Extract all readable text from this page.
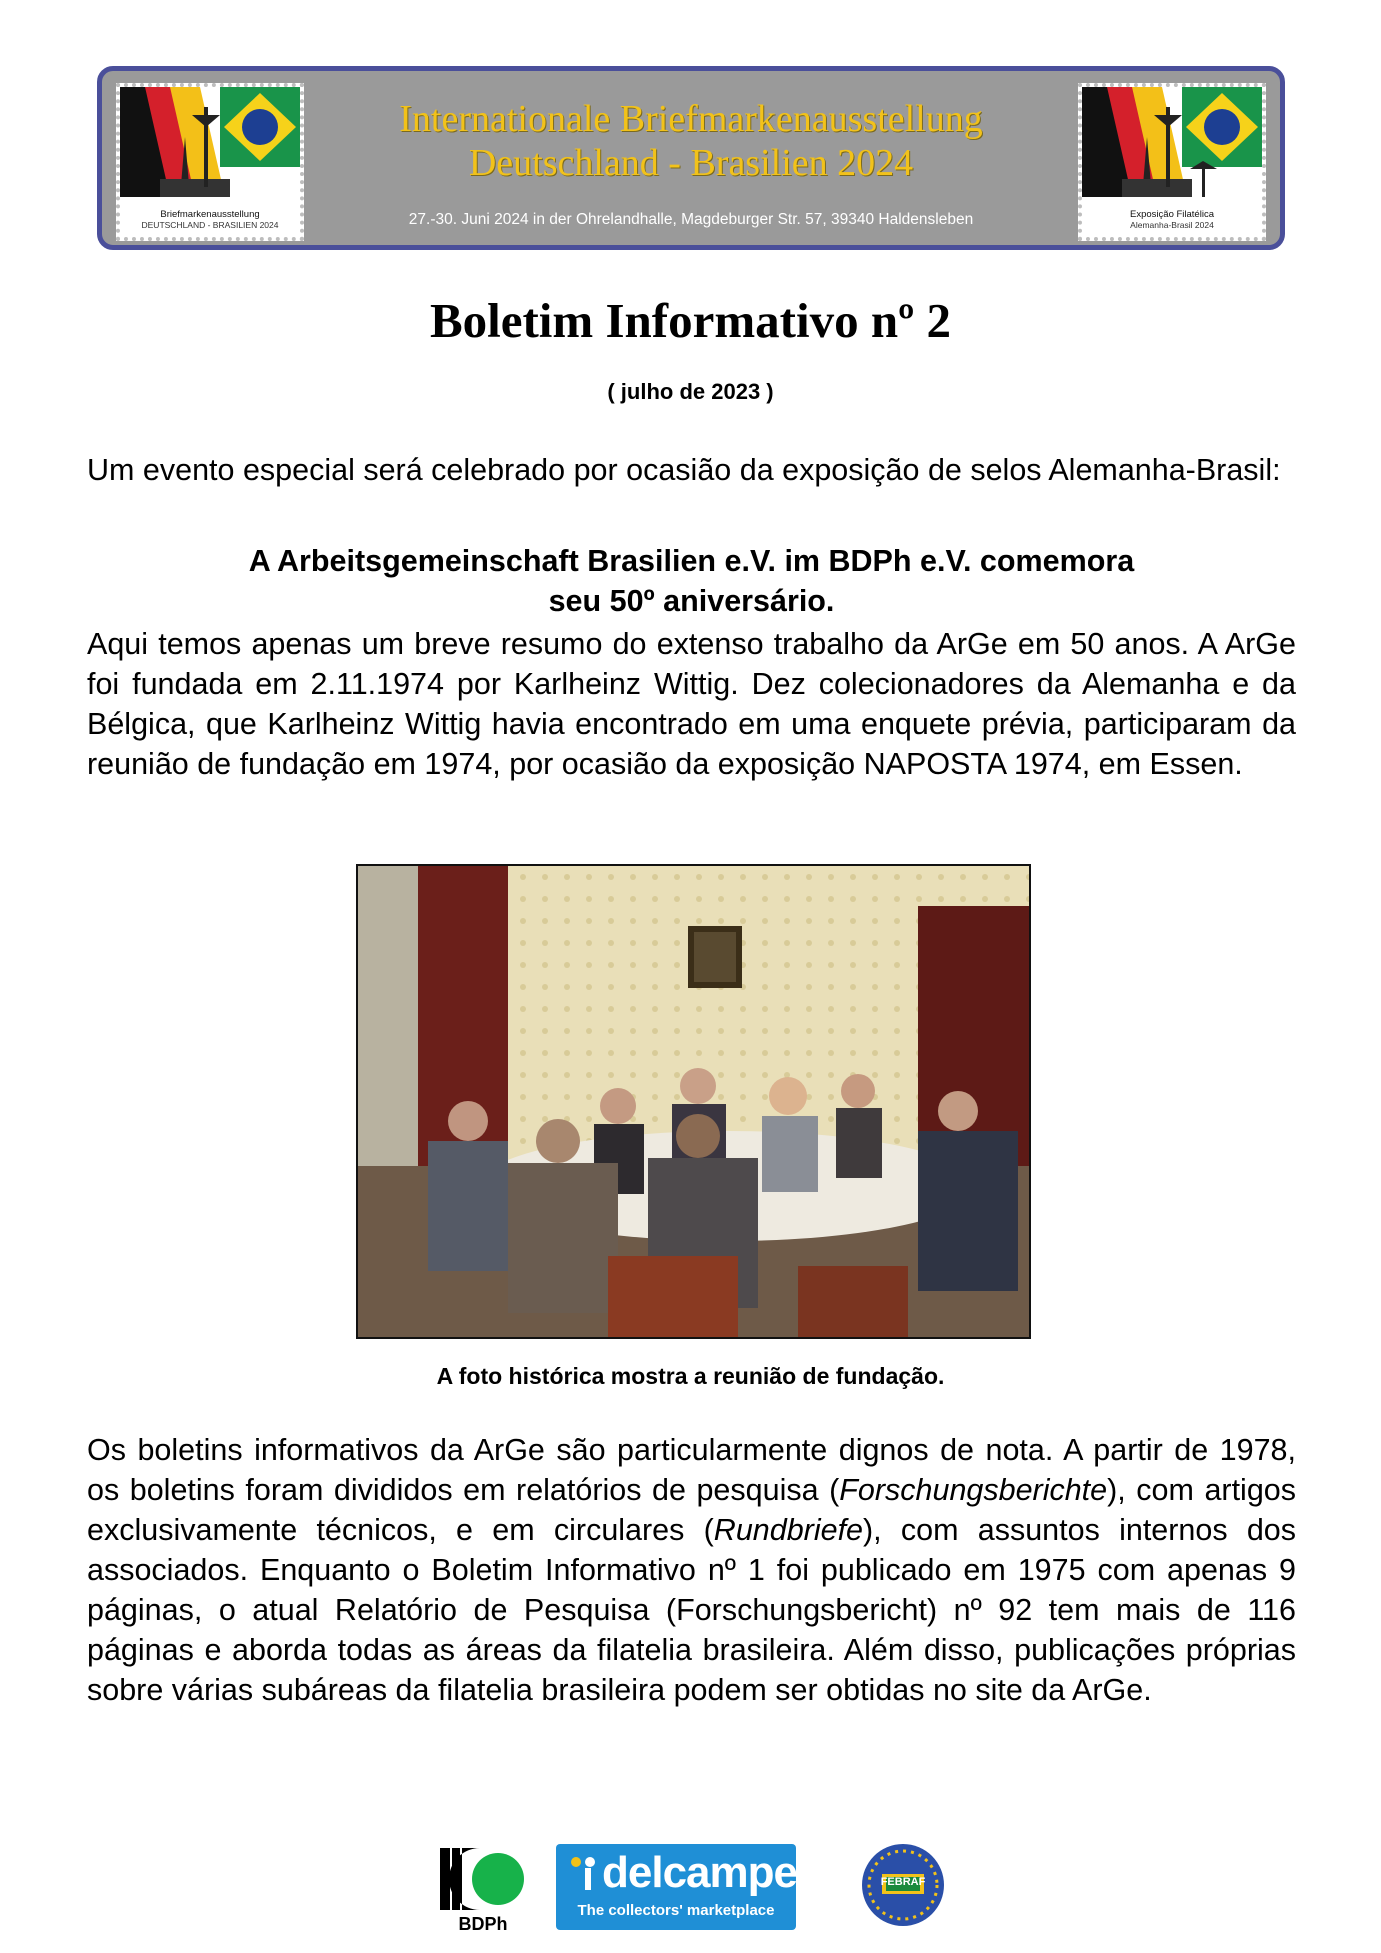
Briefmarkenausstellung
DEUTSCHLAND - BRASILIEN 2024
Internationale Briefmarkenausstellung
Deutschland - Brasilien 2024
27.-30. Juni 2024 in der Ohrelandhalle, Magdeburger Str. 57, 39340 Haldensleben	Exposição Filatélica
Alemanha-Brasil 2024
Boletim Informativo nº 2
( julho de 2023 )

Um evento especial será celebrado por ocasião da exposição de selos Alemanha-Brasil:

A Arbeitsgemeinschaft Brasilien e.V. im BDPh e.V. comemora
seu 50º aniversário.

Aqui temos apenas um breve resumo do extenso trabalho da ArGe em 50 anos. A ArGe foi fundada em 2.11.1974 por Karlheinz Wittig. Dez colecionadores da Alemanha e da Bélgica, que Karlheinz Wittig havia encontrado em uma enquete prévia, participaram da reunião de fundação em 1974, por ocasião da exposição NAPOSTA 1974, em Essen.

A foto histórica mostra a reunião de fundação.

Os boletins informativos da ArGe são particularmente dignos de nota. A partir de 1978, os boletins foram divididos em relatórios de pesquisa (Forschungsberichte), com artigos exclusivamente técnicos, e em circulares (Rundbriefe), com assuntos internos dos associados. Enquanto o Boletim Informativo nº 1 foi publicado em 1975 com apenas 9 páginas, o atual Relatório de Pesquisa (Forschungsbericht) nº 92 tem mais de 116 páginas e aborda todas as áreas da filatelia brasileira. Além disso, publicações próprias sobre várias subáreas da filatelia brasileira podem ser obtidas no site da ArGe.

BDPh
delcampe
The collectors' marketplace
FEBRAF
